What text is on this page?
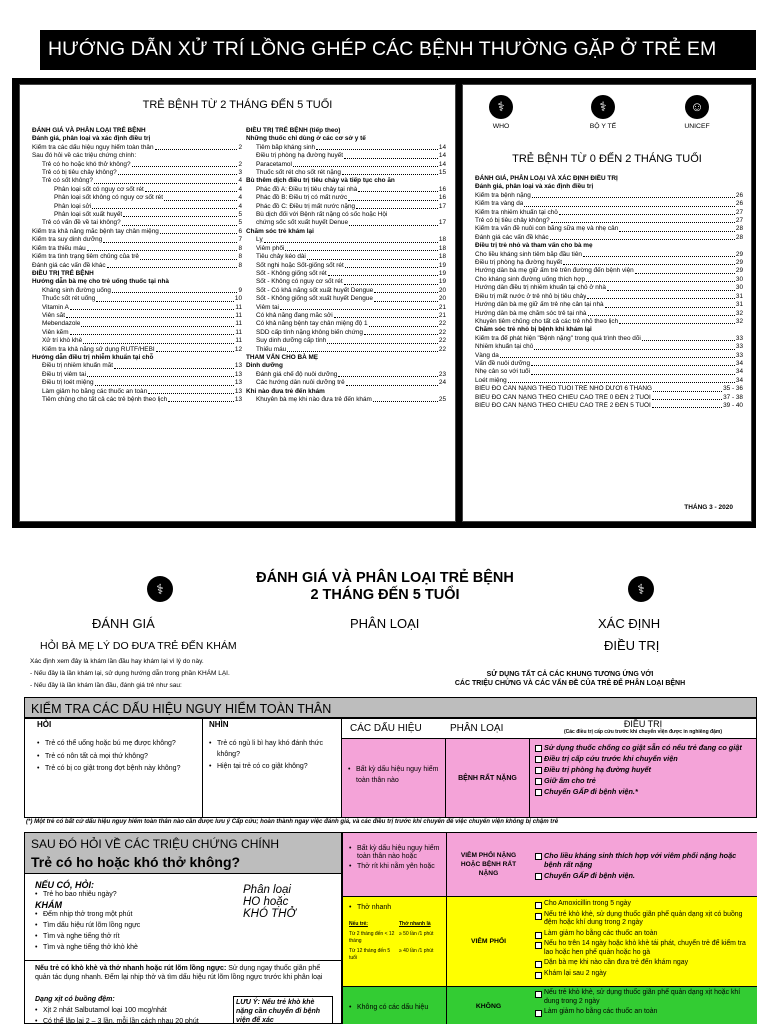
HƯỚNG DẪN XỬ TRÍ LỒNG GHÉP CÁC BỆNH THƯỜNG GẶP Ở TRẺ EM
TRẺ BỆNH TỪ 2 THÁNG ĐẾN 5 TUỔI
ĐÁNH GIÁ VÀ PHÂN LOẠI TRẺ BỆNH
Đánh giá, phân loại và xác định điều trị
Kiểm tra các dấu hiệu nguy hiểm toàn thân	2
Sau đó hỏi về các triệu chứng chính:
Trẻ có ho hoặc khó thở không?	2
Trẻ có bị tiêu chảy không?	3
Trẻ có sốt không?	4
Phân loại sốt có nguy cơ sốt rét	4
Phân loại sốt không có nguy cơ sốt rét	4
Phân loại sởi	4
Phân loại sốt xuất huyết	5
Trẻ có vấn đề về tai không?	5
Kiểm tra khả năng mắc bệnh tay chân miệng	6
Kiểm tra suy dinh dưỡng	7
Kiểm tra thiếu máu	8
Kiểm tra tình trạng tiêm chủng của trẻ	8
Đánh giá các vấn đề khác	8
ĐIỀU TRỊ TRẺ BỆNH
Hướng dẫn bà mẹ cho trẻ uống thuốc tại nhà
Kháng sinh đường uống	9
Thuốc sốt rét uống	10
Vitamin A	11
Viên sắt	11
Mebendazole	11
Viên kẽm	11
Xử trí khò khè	11
Kiểm tra khả năng sử dụng RUTF/HEBI	12
Hướng dẫn điều trị nhiễm khuẩn tại chỗ
Điều trị nhiễm khuẩn mắt	13
Điều trị viêm tai	13
Điều trị loét miệng	13
Làm giảm ho bằng các thuốc an toàn	13
Tiêm chủng cho tất cả các trẻ bệnh theo lịch	13
ĐIỀU TRỊ TRẺ BỆNH (tiếp theo)
Những thuốc chỉ dùng ở các cơ sở y tế
Tiêm bắp kháng sinh	14
Điều trị phòng hạ đường huyết	14
Paracetamol	14
Thuốc sốt rét cho sốt rét nặng	15
Bù thêm dịch điều trị tiêu chảy và tiếp tục cho ăn
Phác đồ A: Điều trị tiêu chảy tại nhà	16
Phác đồ B: Điều trị có mất nước	16
Phác đồ C: Điều trị mất nước nặng	17
Bù dịch đối với Bệnh rất nặng có sốc hoặc Hội
chứng sốc sốt xuất huyết Denue	17
Chăm sóc trẻ khám lại
Lỵ	18
Viêm phổi	18
Tiêu chảy kéo dài	18
Sốt nghi hoặc Sốt-giống sốt rét	19
Sốt - Không giống sốt rét	19
Sốt - Không có nguy cơ sốt rét	19
Sốt - Có khả năng sốt xuất huyết Dengue	20
Sốt - Không giống sốt xuất huyết Dengue	20
Viêm tai	21
Có khả năng đang mắc sởi	21
Có khả năng bệnh tay chân miệng độ 1	22
SDD cấp tính nặng không biến chứng	22
Suy dinh dưỡng cấp tính	22
Thiếu máu	22
THAM VẤN CHO BÀ MẸ
Dinh dưỡng
Đánh giá chế độ nuôi dưỡng	23
Các hướng dẫn nuôi dưỡng trẻ	24
Khi nào đưa trẻ đến khám
Khuyên bà mẹ khi nào đưa trẻ đến khám	25
⚕
WHO
⚕
BỘ Y TẾ
☺
UNICEF
TRẺ BỆNH TỪ 0 ĐẾN 2 THÁNG TUỔI
ĐÁNH GIÁ, PHÂN LOẠI VÀ XÁC ĐỊNH ĐIỀU TRỊ
Đánh giá, phân loại và xác định điều trị
Kiểm tra bệnh nặng	26
Kiểm tra vàng da	26
Kiểm tra nhiễm khuẩn tại chỗ	27
Trẻ có bị tiêu chảy không?	27
Kiểm tra vấn đề nuôi con bằng sữa mẹ và nhẹ cân	28
Đánh giá các vấn đề khác	28
Điều trị trẻ nhỏ và tham vấn cho bà mẹ
Cho liều kháng sinh tiêm bắp đầu tiên	29
Điều trị phòng hạ đường huyết	29
Hướng dẫn bà mẹ giữ ấm trẻ trên đường đến bệnh viện	29
Cho kháng sinh đường uống thích hợp	30
Hướng dẫn điều trị nhiễm khuẩn tại chỗ ở nhà	30
Điều trị mất nước ở trẻ nhỏ bị tiêu chảy	31
Hướng dẫn bà mẹ giữ ấm trẻ nhẹ cân tại nhà	31
Hướng dẫn bà mẹ chăm sóc trẻ tại nhà	32
Khuyên tiêm chủng cho tất cả các trẻ nhỏ theo lịch	32
Chăm sóc trẻ nhỏ bị bệnh khi khám lại
Kiểm tra để phát hiện "Bệnh nặng" trong quá trình theo dõi	33
Nhiễm khuẩn tại chỗ	33
Vàng da	33
Vấn đề nuôi dưỡng	34
Nhẹ cân so với tuổi	34
Loét miệng	34
BIỂU ĐỒ CÂN NẶNG THEO TUỔI TRẺ NHỎ DƯỚI 6 THÁNG	35 - 36
BIỂU ĐỒ CÂN NẶNG THEO CHIỀU CAO TRẺ 0 ĐẾN 2 TUỔI	37 - 38
BIỂU ĐỒ CÂN NẶNG THEO CHIỀU CAO TRẺ 2 ĐẾN 5 TUỔI	39 - 40
THÁNG 3 - 2020
⚕	⚕
ĐÁNH GIÁ VÀ PHÂN LOẠI TRẺ BỆNH
2 THÁNG ĐẾN 5 TUỔI
ĐÁNH GIÁ	PHÂN LOẠI	XÁC ĐỊNH
ĐIỀU TRỊ
HỎI BÀ MẸ LÝ DO ĐƯA TRẺ ĐẾN KHÁM
Xác định xem đây là khám lần đầu hay khám lại vì lý do này.
- Nếu đây là lần khám lại, sử dụng hướng dẫn trong phần KHÁM LẠI.
- Nếu đây là lần khám lần đầu, đánh giá trẻ như sau:
SỬ DỤNG TẤT CẢ CÁC KHUNG TƯƠNG ỨNG VỚI
CÁC TRIỆU CHỨNG VÀ CÁC VẤN ĐỀ CỦA TRẺ ĐỂ PHÂN LOẠI BỆNH
KIỂM TRA CÁC DẤU HIỆU NGUY HIỂM TOÀN THÂN
HỎI
• Trẻ có thể uống hoặc bú mẹ được không?
• Trẻ có nôn tất cả mọi thứ không?
• Trẻ có bị co giật trong đợt bệnh này không?
NHÌN
• Trẻ có ngủ li bì hay khó đánh thức không?
• Hiện tại trẻ có co giật không?
CÁC DẤU HIỆU	PHÂN LOẠI	ĐIỀU TRỊ
(Các điều trị cấp cứu trước khi chuyển viện được in nghiêng đậm)
• Bất kỳ dấu hiệu nguy hiểm toàn thân nào	BỆNH RẤT NẶNG
Sử dụng thuốc chống co giật sẵn có nếu trẻ đang co giật
Điều trị cấp cứu trước khi chuyển viện
Điều trị phòng hạ đường huyết
Giữ ấm cho trẻ
Chuyển GẤP đi bệnh viện.*
(*) Một trẻ có bất cứ dấu hiệu nguy hiểm toàn thân nào cần được lưu ý Cấp cứu; hoàn thành ngay việc đánh giá, và các điều trị trước khi chuyển để việc chuyển viện không bị chậm trễ
SAU ĐÓ HỎI VỀ CÁC TRIỆU CHỨNG CHÍNH
Trẻ có ho hoặc khó thở không?
NẾU CÓ, HỎI:
• Trẻ ho bao nhiêu ngày?
KHÁM
• Đếm nhịp thở trong một phút
• Tìm dấu hiệu rút lõm lồng ngực
• Tìm và nghe tiếng thở rít
• Tìm và nghe tiếng thở khò khè
Phân loại
HO hoặc
KHÓ THỞ
Nếu trẻ có khò khè và thở nhanh hoặc rút lõm lồng ngực: Sử dụng ngay thuốc giãn phế quản tác dụng nhanh. Đếm lại nhịp thở và tìm dấu hiệu rút lõm lồng ngực trước khi phân loại
Dạng xịt có buồng đệm:
• Xịt 2 nhát Salbutamol loại 100 mcg/nhát
• Có thể lặp lại 2 – 3 lần, mỗi lần cách nhau 20 phút
LƯU Ý: Nếu trẻ khò khè nặng cần chuyển đi bệnh viện để xác
• Bất kỳ dấu hiệu nguy hiểm toàn thân nào hoặc
• Thở rít khi nằm yên hoặc
VIÊM PHỔI NẶNG HOẶC BỆNH RẤT NẶNG
Cho liều kháng sinh thích hợp với viêm phổi nặng hoặc bệnh rất nặng
Chuyển GẤP đi bệnh viện.
• Thở nhanh
Nếu trẻ:	Thở nhanh là
Từ 2 tháng đến < 12 tháng
≥ 50 lần /1 phút
Từ 12 tháng đến 5 tuổi
≥ 40 lần /1 phút
VIÊM PHỔI
Cho Amoxicillin trong 5 ngày
Nếu trẻ khò khè, sử dụng thuốc giãn phế quản dạng xịt có buồng đệm hoặc khí dung trong 2 ngày
Làm giảm ho bằng các thuốc an toàn
Nếu ho trên 14 ngày hoặc khò khè tái phát, chuyển trẻ để kiểm tra lao hoặc hen phế quản hoặc ho gà
Dặn bà mẹ khi nào cần đưa trẻ đến khám ngay
Khám lại sau 2 ngày
• Không có các dấu hiệu	KHÔNG
Nếu trẻ khò khè, sử dụng thuốc giãn phế quản dạng xịt hoặc khí dung trong 2 ngày
Làm giảm ho bằng các thuốc an toàn
